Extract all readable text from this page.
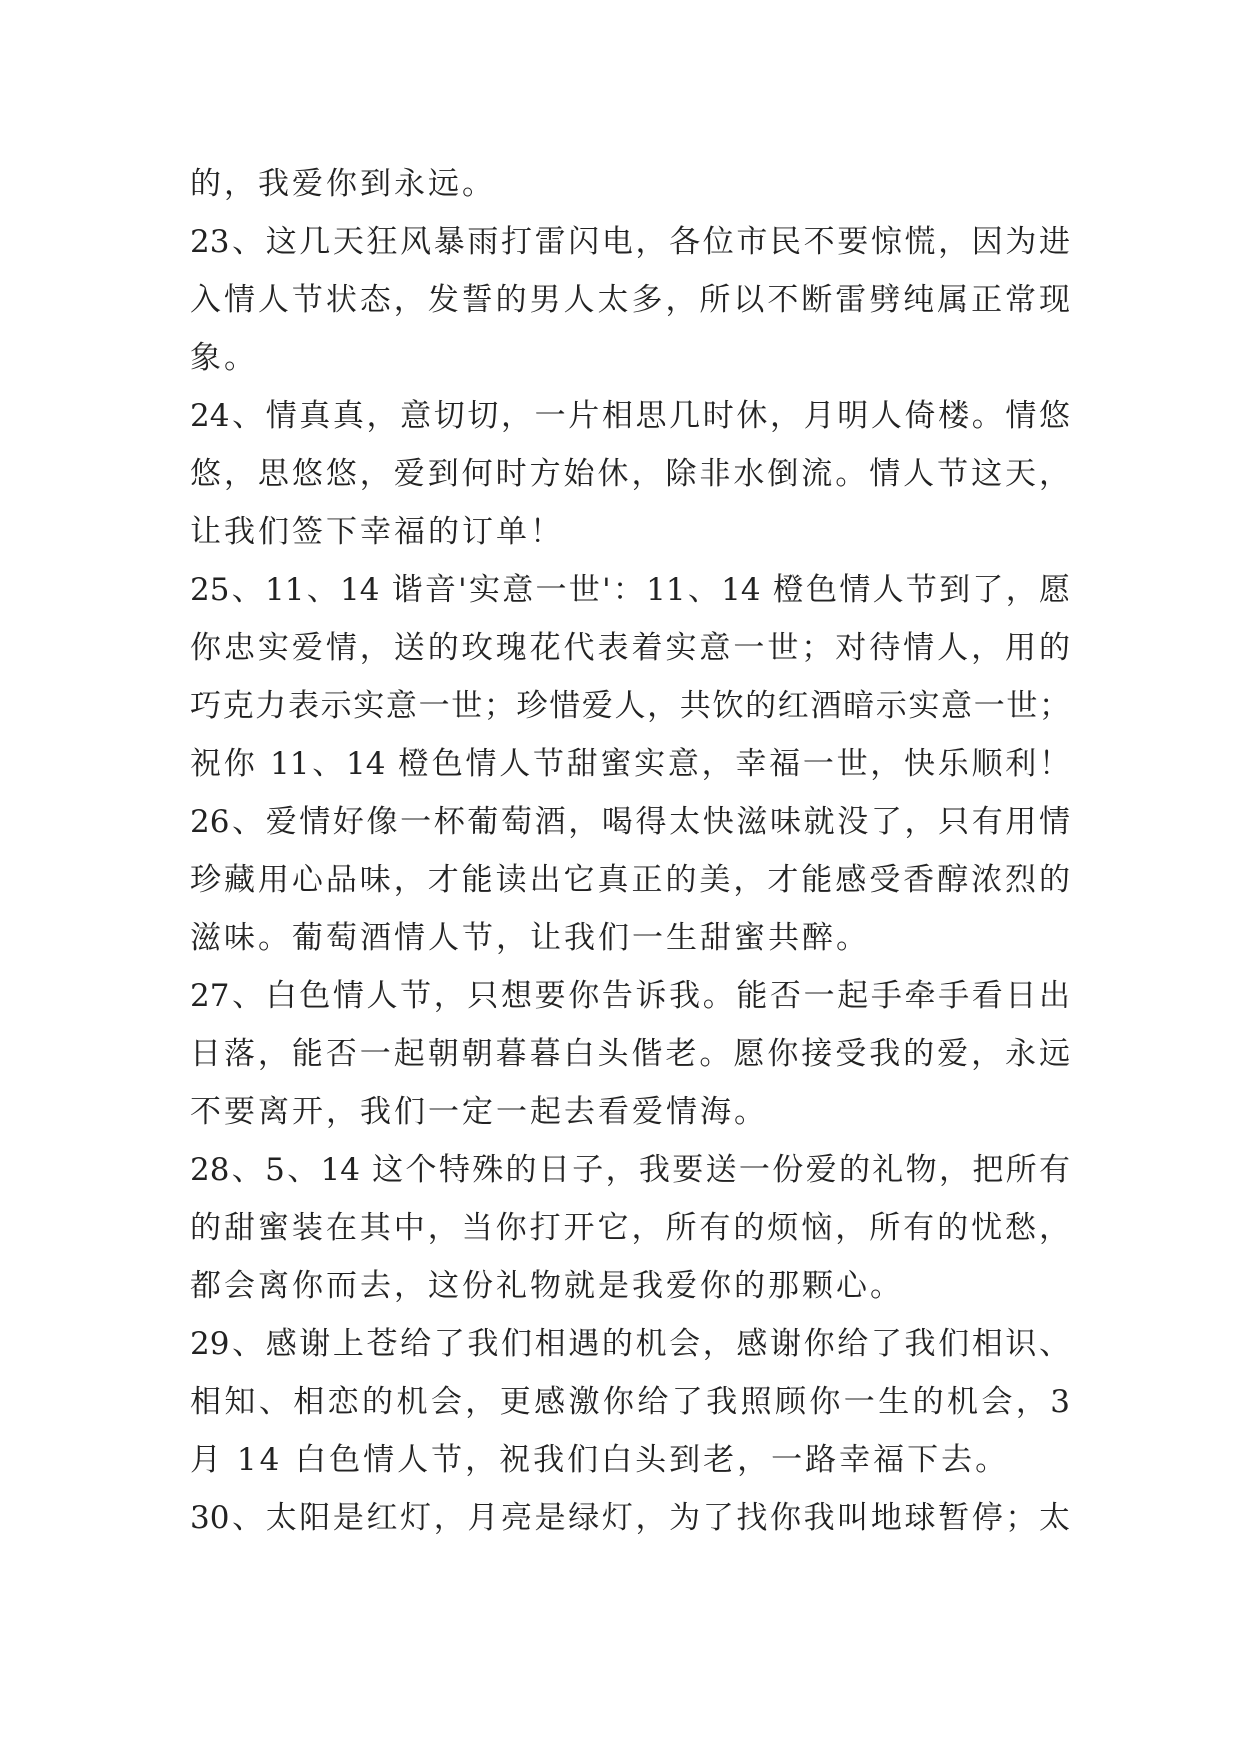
的，我爱你到永远。
23、这几天狂风暴雨打雷闪电，各位市民不要惊慌，因为进
入情人节状态，发誓的男人太多，所以不断雷劈纯属正常现
象。
24、情真真，意切切，一片相思几时休，月明人倚楼。情悠
悠，思悠悠，爱到何时方始休，除非水倒流。情人节这天，
让我们签下幸福的订单！
25、11、14 谐音'实意一世'：11、14 橙色情人节到了，愿
你忠实爱情，送的玫瑰花代表着实意一世；对待情人，用的
巧克力表示实意一世；珍惜爱人，共饮的红酒暗示实意一世；
祝你 11、14 橙色情人节甜蜜实意，幸福一世，快乐顺利！
26、爱情好像一杯葡萄酒，喝得太快滋味就没了，只有用情
珍藏用心品味，才能读出它真正的美，才能感受香醇浓烈的
滋味。葡萄酒情人节，让我们一生甜蜜共醉。
27、白色情人节，只想要你告诉我。能否一起手牵手看日出
日落，能否一起朝朝暮暮白头偕老。愿你接受我的爱，永远
不要离开，我们一定一起去看爱情海。
28、5、14 这个特殊的日子，我要送一份爱的礼物，把所有
的甜蜜装在其中，当你打开它，所有的烦恼，所有的忧愁，
都会离你而去，这份礼物就是我爱你的那颗心。
29、感谢上苍给了我们相遇的机会，感谢你给了我们相识、
相知、相恋的机会，更感激你给了我照顾你一生的机会，3
月 14 白色情人节，祝我们白头到老，一路幸福下去。
30、太阳是红灯，月亮是绿灯，为了找你我叫地球暂停；太
